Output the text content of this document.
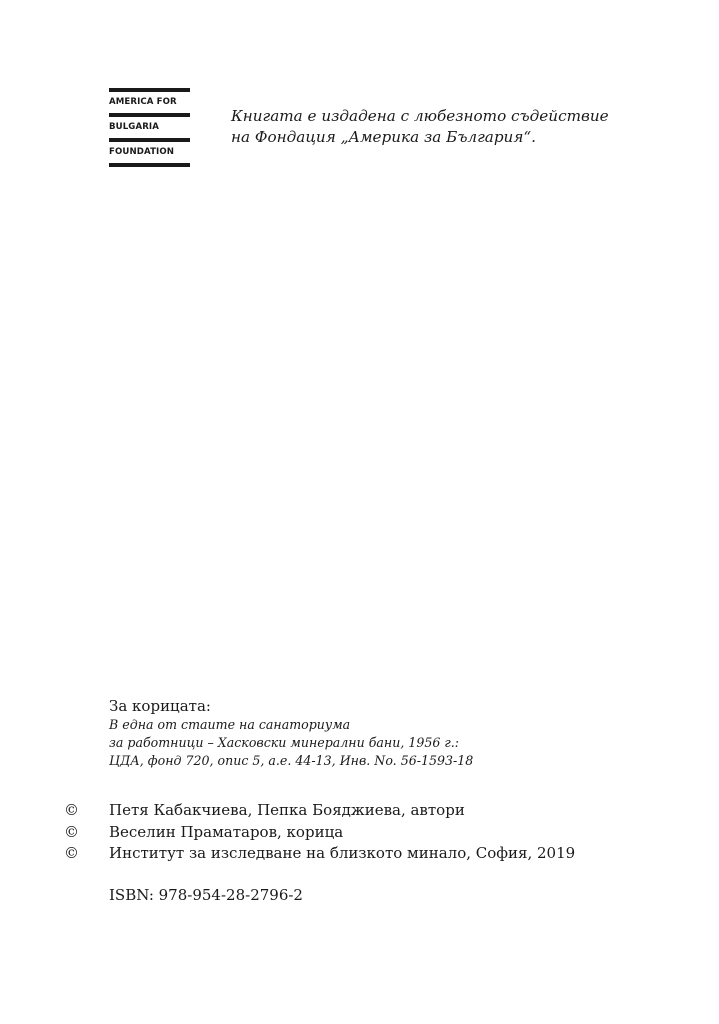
AMERICA FOR
BULGARIA
FOUNDATION
Книгата е издадена с любезното съдействие
на Фондация „Америка за България“.
За корицата:
В една от стаите на санаториума
за работници – Хасковски минерални бани, 1956 г.:
ЦДА, фонд 720, опис 5, а.е. 44-13, Инв. No. 56-1593-18
©	Петя Кабакчиева, Пепка Бояджиева, автори
©	Веселин Праматаров, корица
©	Институт за изследване на близкото минало, София, 2019
ISBN: 978-954-28-2796-2
